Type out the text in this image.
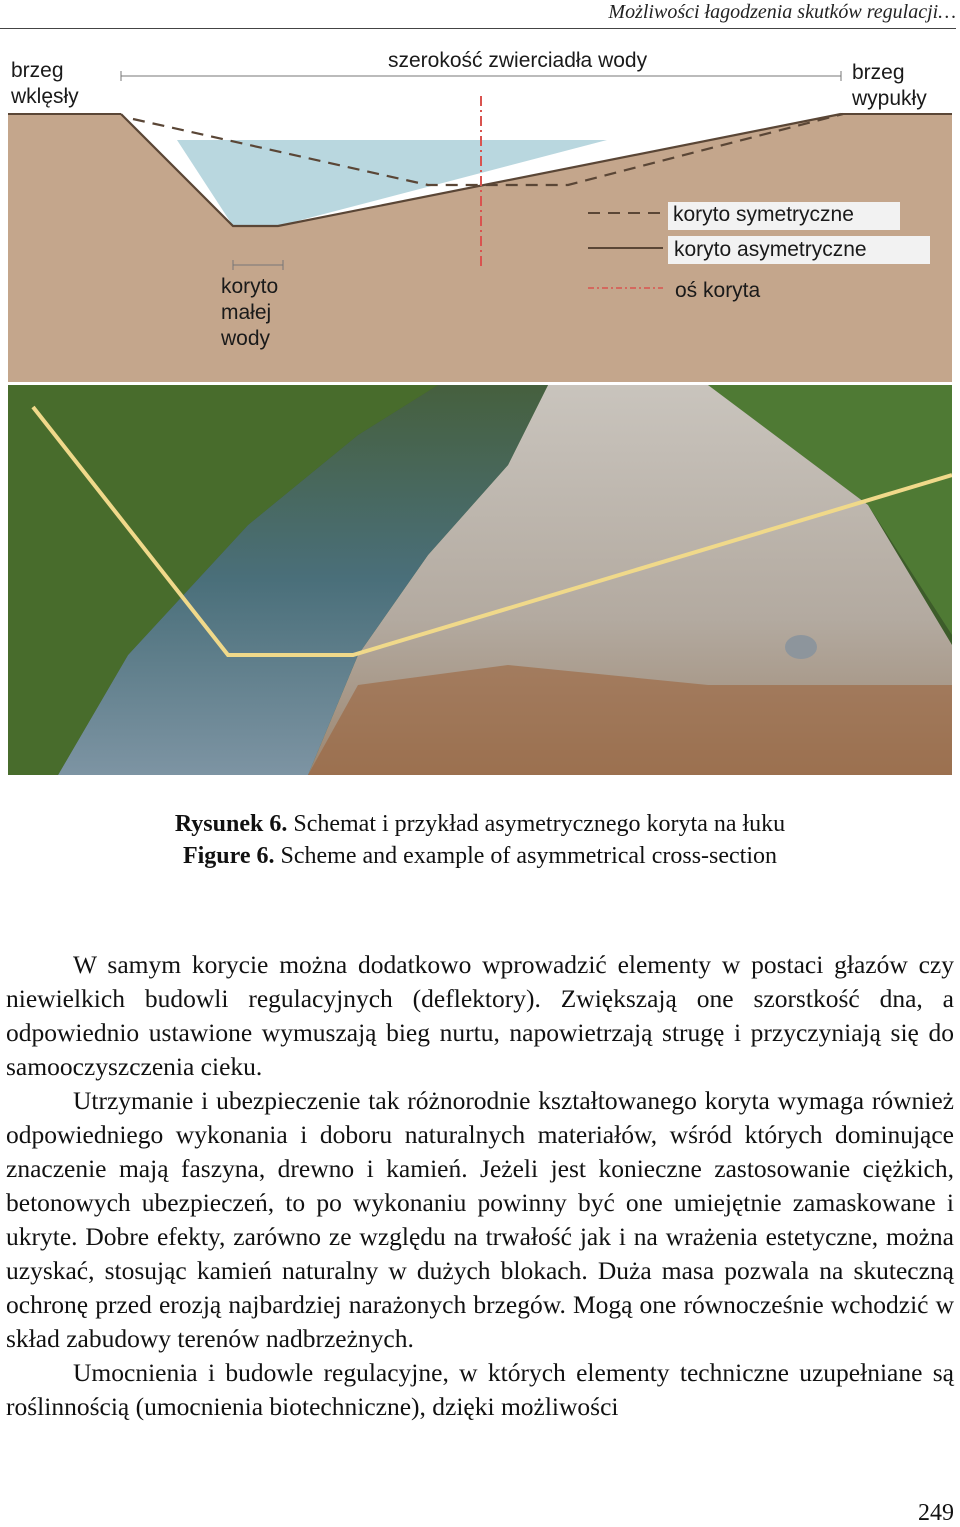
Możliwości łagodzenia skutków regulacji…
szerokość zwierciadła wody
brzeg
wklęsły
brzeg
wypukły
koryto
małej
wody
koryto symetryczne
koryto asymetryczne
oś koryta
Rysunek 6. Schemat i przykład asymetrycznego koryta na łuku
Figure 6. Scheme and example of asymmetrical cross-section

W samym korycie można dodatkowo wprowadzić elementy w postaci głazów czy niewielkich budowli regulacyjnych (deflektory). Zwiększają one szorstkość dna, a odpowiednio ustawione wymuszają bieg nurtu, napowietrzają strugę i przyczyniają się do samooczyszczenia cieku.

Utrzymanie i ubezpieczenie tak różnorodnie kształtowanego koryta wymaga również odpowiedniego wykonania i doboru naturalnych materiałów, wśród których dominujące znaczenie mają faszyna, drewno i kamień. Jeżeli jest konieczne zastosowanie ciężkich, betonowych ubezpieczeń, to po wykonaniu powinny być one umiejętnie zamaskowane i ukryte. Dobre efekty, zarówno ze względu na trwałość jak i na wrażenia estetyczne, można uzyskać, stosując kamień naturalny w dużych blokach. Duża masa pozwala na skuteczną ochronę przed erozją najbardziej narażonych brzegów. Mogą one równocześnie wchodzić w skład zabudowy terenów nadbrzeżnych.

Umocnienia i budowle regulacyjne, w których elementy techniczne uzupełniane są roślinnością (umocnienia biotechniczne), dzięki możliwości

249
